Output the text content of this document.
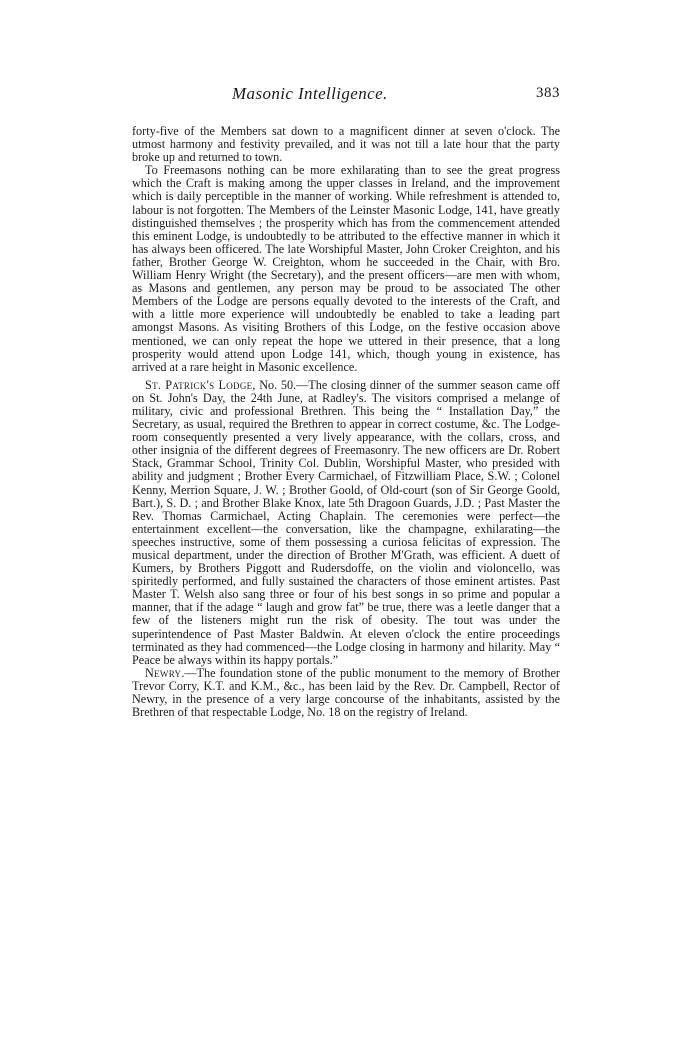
Masonic Intelligence.	383

forty-five of the Members sat down to a magnificent dinner at seven o'clock. The utmost harmony and festivity prevailed, and it was not till a late hour that the party broke up and returned to town.

To Freemasons nothing can be more exhilarating than to see the great progress which the Craft is making among the upper classes in Ireland, and the improvement which is daily perceptible in the manner of working. While refreshment is attended to, labour is not forgotten. The Members of the Leinster Masonic Lodge, 141, have greatly distinguished themselves ; the prosperity which has from the commencement attended this eminent Lodge, is undoubtedly to be attributed to the effective manner in which it has always been officered. The late Worshipful Master, John Croker Creighton, and his father, Brother George W. Creighton, whom he succeeded in the Chair, with Bro. William Henry Wright (the Secretary), and the present officers—are men with whom, as Masons and gentlemen, any person may be proud to be associated The other Members of the Lodge are persons equally devoted to the interests of the Craft, and with a little more experience will undoubtedly be enabled to take a leading part amongst Masons. As visiting Brothers of this Lodge, on the festive occasion above mentioned, we can only repeat the hope we uttered in their presence, that a long prosperity would attend upon Lodge 141, which, though young in existence, has arrived at a rare height in Masonic excellence.

St. Patrick's Lodge, No. 50.—The closing dinner of the summer season came off on St. John's Day, the 24th June, at Radley's. The visitors comprised a melange of military, civic and professional Brethren. This being the “ Installation Day,” the Secretary, as usual, required the Brethren to appear in correct costume, &c. The Lodge-room consequently presented a very lively appearance, with the collars, cross, and other insignia of the different degrees of Freemasonry. The new officers are Dr. Robert Stack, Grammar School, Trinity Col. Dublin, Worshipful Master, who presided with ability and judgment ; Brother Every Carmichael, of Fitzwilliam Place, S.W. ; Colonel Kenny, Merrion Square, J. W. ; Brother Goold, of Old-court (son of Sir George Goold, Bart.), S. D. ; and Brother Blake Knox, late 5th Dragoon Guards, J.D. ; Past Master the Rev. Thomas Carmichael, Acting Chaplain. The ceremonies were perfect—the entertainment excellent—the conversation, like the champagne, exhilarating—the speeches instructive, some of them possessing a curiosa felicitas of expression. The musical department, under the direction of Brother M'Grath, was efficient. A duett of Kumers, by Brothers Piggott and Rudersdoffe, on the violin and violoncello, was spiritedly performed, and fully sustained the characters of those eminent artistes. Past Master T. Welsh also sang three or four of his best songs in so prime and popular a manner, that if the adage “ laugh and grow fat” be true, there was a leetle danger that a few of the listeners might run the risk of obesity. The tout was under the superintendence of Past Master Baldwin. At eleven o'clock the entire proceedings terminated as they had commenced—the Lodge closing in harmony and hilarity. May “ Peace be always within its happy portals.”

Newry.—The foundation stone of the public monument to the memory of Brother Trevor Corry, K.T. and K.M., &c., has been laid by the Rev. Dr. Campbell, Rector of Newry, in the presence of a very large concourse of the inhabitants, assisted by the Brethren of that respectable Lodge, No. 18 on the registry of Ireland.
